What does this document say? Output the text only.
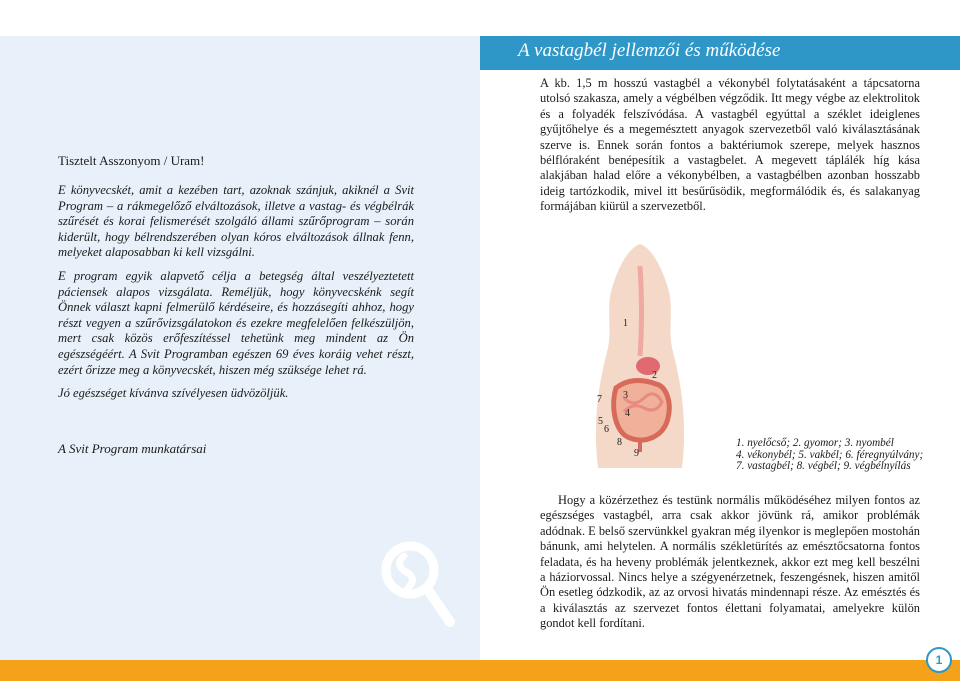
A vastagbél jellemzői és működése
Tisztelt Asszonyom / Uram!

E könyvecskét, amit a kezében tart, azoknak szánjuk, akiknél a Svit Program – a rákmegelőző elváltozások, illetve a vastag- és végbélrák szűrését és korai felismerését szolgáló állami szűrőprogram – során kiderült, hogy bélrendszerében olyan kóros elváltozások állnak fenn, melyeket alaposabban ki kell vizsgálni.

E program egyik alapvető célja a betegség által veszélyeztetett páciensek alapos vizsgálata. Reméljük, hogy könyvecskénk segít Önnek választ kapni felmerülő kérdéseire, és hozzásegíti ahhoz, hogy részt vegyen a szűrővizsgálatokon és ezekre megfelelően felkészüljön, mert csak közös erőfeszítéssel tehetünk meg mindent az Ön egészségéért. A Svit Programban egészen 69 éves koráig vehet részt, ezért őrizze meg a könyvecskét, hiszen még szüksége lehet rá.

Jó egészséget kívánva szívélyesen üdvözöljük.

A Svit Program munkatársai

A kb. 1,5 m hosszú vastagbél a vékonybél folytatásaként a tápcsatorna utolsó szakasza, amely a végbélben végződik. Itt megy végbe az elektrolitok és a folyadék felszívódása. A vastagbél egyúttal a széklet ideiglenes gyűjtőhelye és a megemésztett anyagok szervezetből való kiválasztásának szerve is. Ennek során fontos a baktériumok szerepe, melyek hasznos bélflóraként benépesítik a vastagbelet. A megevett táplálék híg kása alakjában halad előre a vékonybélben, a vastagbélben azonban hosszabb ideig tartózkodik, mivel itt besűrűsödik, megformálódik és, és salakanyag formájában kiürül a szervezetből.

1
2
3
4
5
6
7
8
9
1. nyelőcső; 2. gyomor; 3. nyombél
4. vékonybél; 5. vakbél; 6. féregnyúlvány;
7. vastagbél; 8. végbél; 9. végbélnyílás

Hogy a közérzethez és testünk normális működéséhez milyen fontos az egészséges vastagbél, arra csak akkor jövünk rá, amikor problémák adódnak. E belső szervünkkel gyakran még ilyenkor is meglepően mostohán bánunk, ami helytelen. A normális székletürítés az emésztőcsatorna fontos feladata, és ha heveny problémák jelentkeznek, akkor ezt meg kell beszélni a háziorvossal. Nincs helye a szégyenérzetnek, feszengésnek, hiszen amitől Ön esetleg ódzkodik, az az orvosi hivatás mindennapi része. Az emésztés és a kiválasztás az szervezet fontos élettani folyamatai, amelyekre külön gondot kell fordítani.

1
